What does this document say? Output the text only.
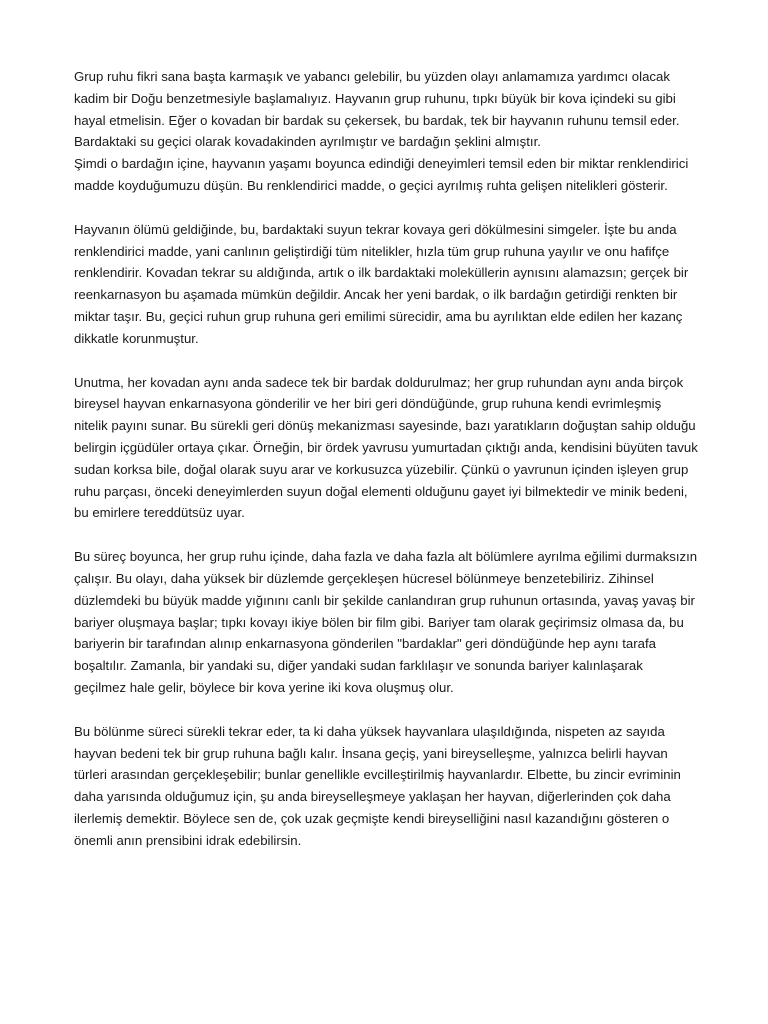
Grup ruhu fikri sana başta karmaşık ve yabancı gelebilir, bu yüzden olayı anlamamıza yardımcı olacak kadim bir Doğu benzetmesiyle başlamalıyız. Hayvanın grup ruhunu, tıpkı büyük bir kova içindeki su gibi hayal etmelisin. Eğer o kovadan bir bardak su çekersek, bu bardak, tek bir hayvanın ruhunu temsil eder. Bardaktaki su geçici olarak kovadakinden ayrılmıştır ve bardağın şeklini almıştır.
Şimdi o bardağın içine, hayvanın yaşamı boyunca edindiği deneyimleri temsil eden bir miktar renklendirici madde koyduğumuzu düşün. Bu renklendirici madde, o geçici ayrılmış ruhta gelişen nitelikleri gösterir.

Hayvanın ölümü geldiğinde, bu, bardaktaki suyun tekrar kovaya geri dökülmesini simgeler. İşte bu anda renklendirici madde, yani canlının geliştirdiği tüm nitelikler, hızla tüm grup ruhuna yayılır ve onu hafifçe renklendirir. Kovadan tekrar su aldığında, artık o ilk bardaktaki moleküllerin aynısını alamazsın; gerçek bir reenkarnasyon bu aşamada mümkün değildir. Ancak her yeni bardak, o ilk bardağın getirdiği renkten bir miktar taşır. Bu, geçici ruhun grup ruhuna geri emilimi sürecidir, ama bu ayrılıktan elde edilen her kazanç dikkatle korunmuştur.

Unutma, her kovadan aynı anda sadece tek bir bardak doldurulmaz; her grup ruhundan aynı anda birçok bireysel hayvan enkarnasyona gönderilir ve her biri geri döndüğünde, grup ruhuna kendi evrimleşmiş nitelik payını sunar. Bu sürekli geri dönüş mekanizması sayesinde, bazı yaratıkların doğuştan sahip olduğu belirgin içgüdüler ortaya çıkar. Örneğin, bir ördek yavrusu yumurtadan çıktığı anda, kendisini büyüten tavuk sudan korksa bile, doğal olarak suyu arar ve korkusuzca yüzebilir. Çünkü o yavrunun içinden işleyen grup ruhu parçası, önceki deneyimlerden suyun doğal elementi olduğunu gayet iyi bilmektedir ve minik bedeni, bu emirlere tereddütsüz uyar.

Bu süreç boyunca, her grup ruhu içinde, daha fazla ve daha fazla alt bölümlere ayrılma eğilimi durmaksızın çalışır. Bu olayı, daha yüksek bir düzlemde gerçekleşen hücresel bölünmeye benzetebiliriz. Zihinsel düzlemdeki bu büyük madde yığınını canlı bir şekilde canlandıran grup ruhunun ortasında, yavaş yavaş bir bariyer oluşmaya başlar; tıpkı kovayı ikiye bölen bir film gibi. Bariyer tam olarak geçirimsiz olmasa da, bu bariyerin bir tarafından alınıp enkarnasyona gönderilen "bardaklar" geri döndüğünde hep aynı tarafa boşaltılır. Zamanla, bir yandaki su, diğer yandaki sudan farklılaşır ve sonunda bariyer kalınlaşarak geçilmez hale gelir, böylece bir kova yerine iki kova oluşmuş olur.

Bu bölünme süreci sürekli tekrar eder, ta ki daha yüksek hayvanlara ulaşıldığında, nispeten az sayıda hayvan bedeni tek bir grup ruhuna bağlı kalır. İnsana geçiş, yani bireyselleşme, yalnızca belirli hayvan türleri arasından gerçekleşebilir; bunlar genellikle evcilleştirilmiş hayvanlardır. Elbette, bu zincir evriminin daha yarısında olduğumuz için, şu anda bireyselleşmeye yaklaşan her hayvan, diğerlerinden çok daha ilerlemiş demektir. Böylece sen de, çok uzak geçmişte kendi bireyselliğini nasıl kazandığını gösteren o önemli anın prensibini idrak edebilirsin.
